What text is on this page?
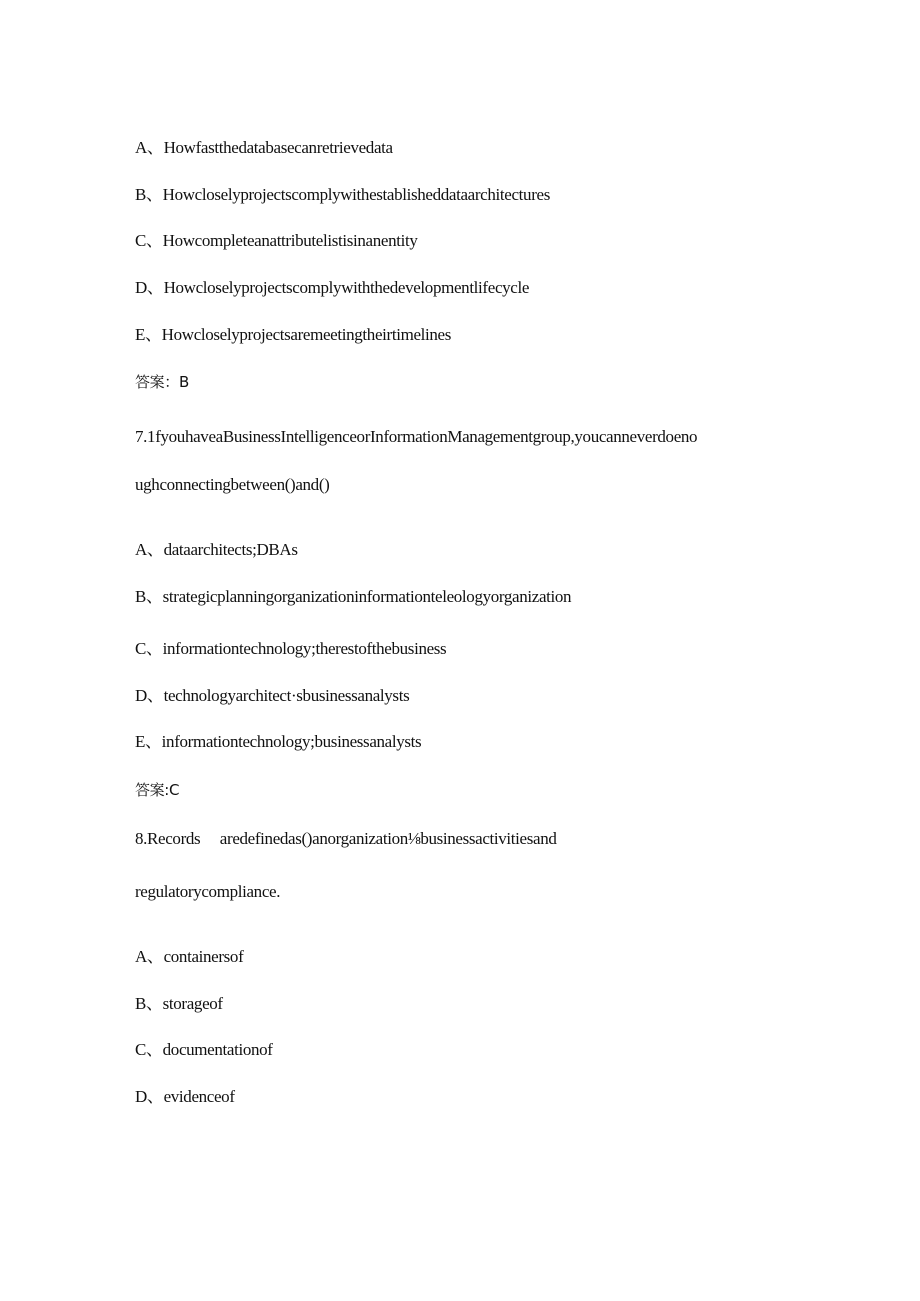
A、Howfastthedatabasecanretrievedata
B、Howcloselyprojectscomplywithestablisheddataarchitectures
C、Howcompleteanattributelistisinanentity
D、Howcloselyprojectscomplywiththedevelopmentlifecycle
E、Howcloselyprojectsaremeetingtheirtimelines
答案：B
7.1fyouhaveaBusinessIntelligenceorInformationManagementgroup,youcanneverdoeno
ughconnectingbetween()and()
A、dataarchitects;DBAs
B、strategicplanningorganizationinformationteleologyorganization
C、informationtechnology;therestofthebusiness
D、technologyarchitect·sbusinessanalysts
E、informationtechnology;businessanalysts
答案:C
8.Records     aredefinedas()anorganization⅛businessactivitiesand
regulatorycompliance.
A、containersof
B、storageof
C、documentationof
D、evidenceof
